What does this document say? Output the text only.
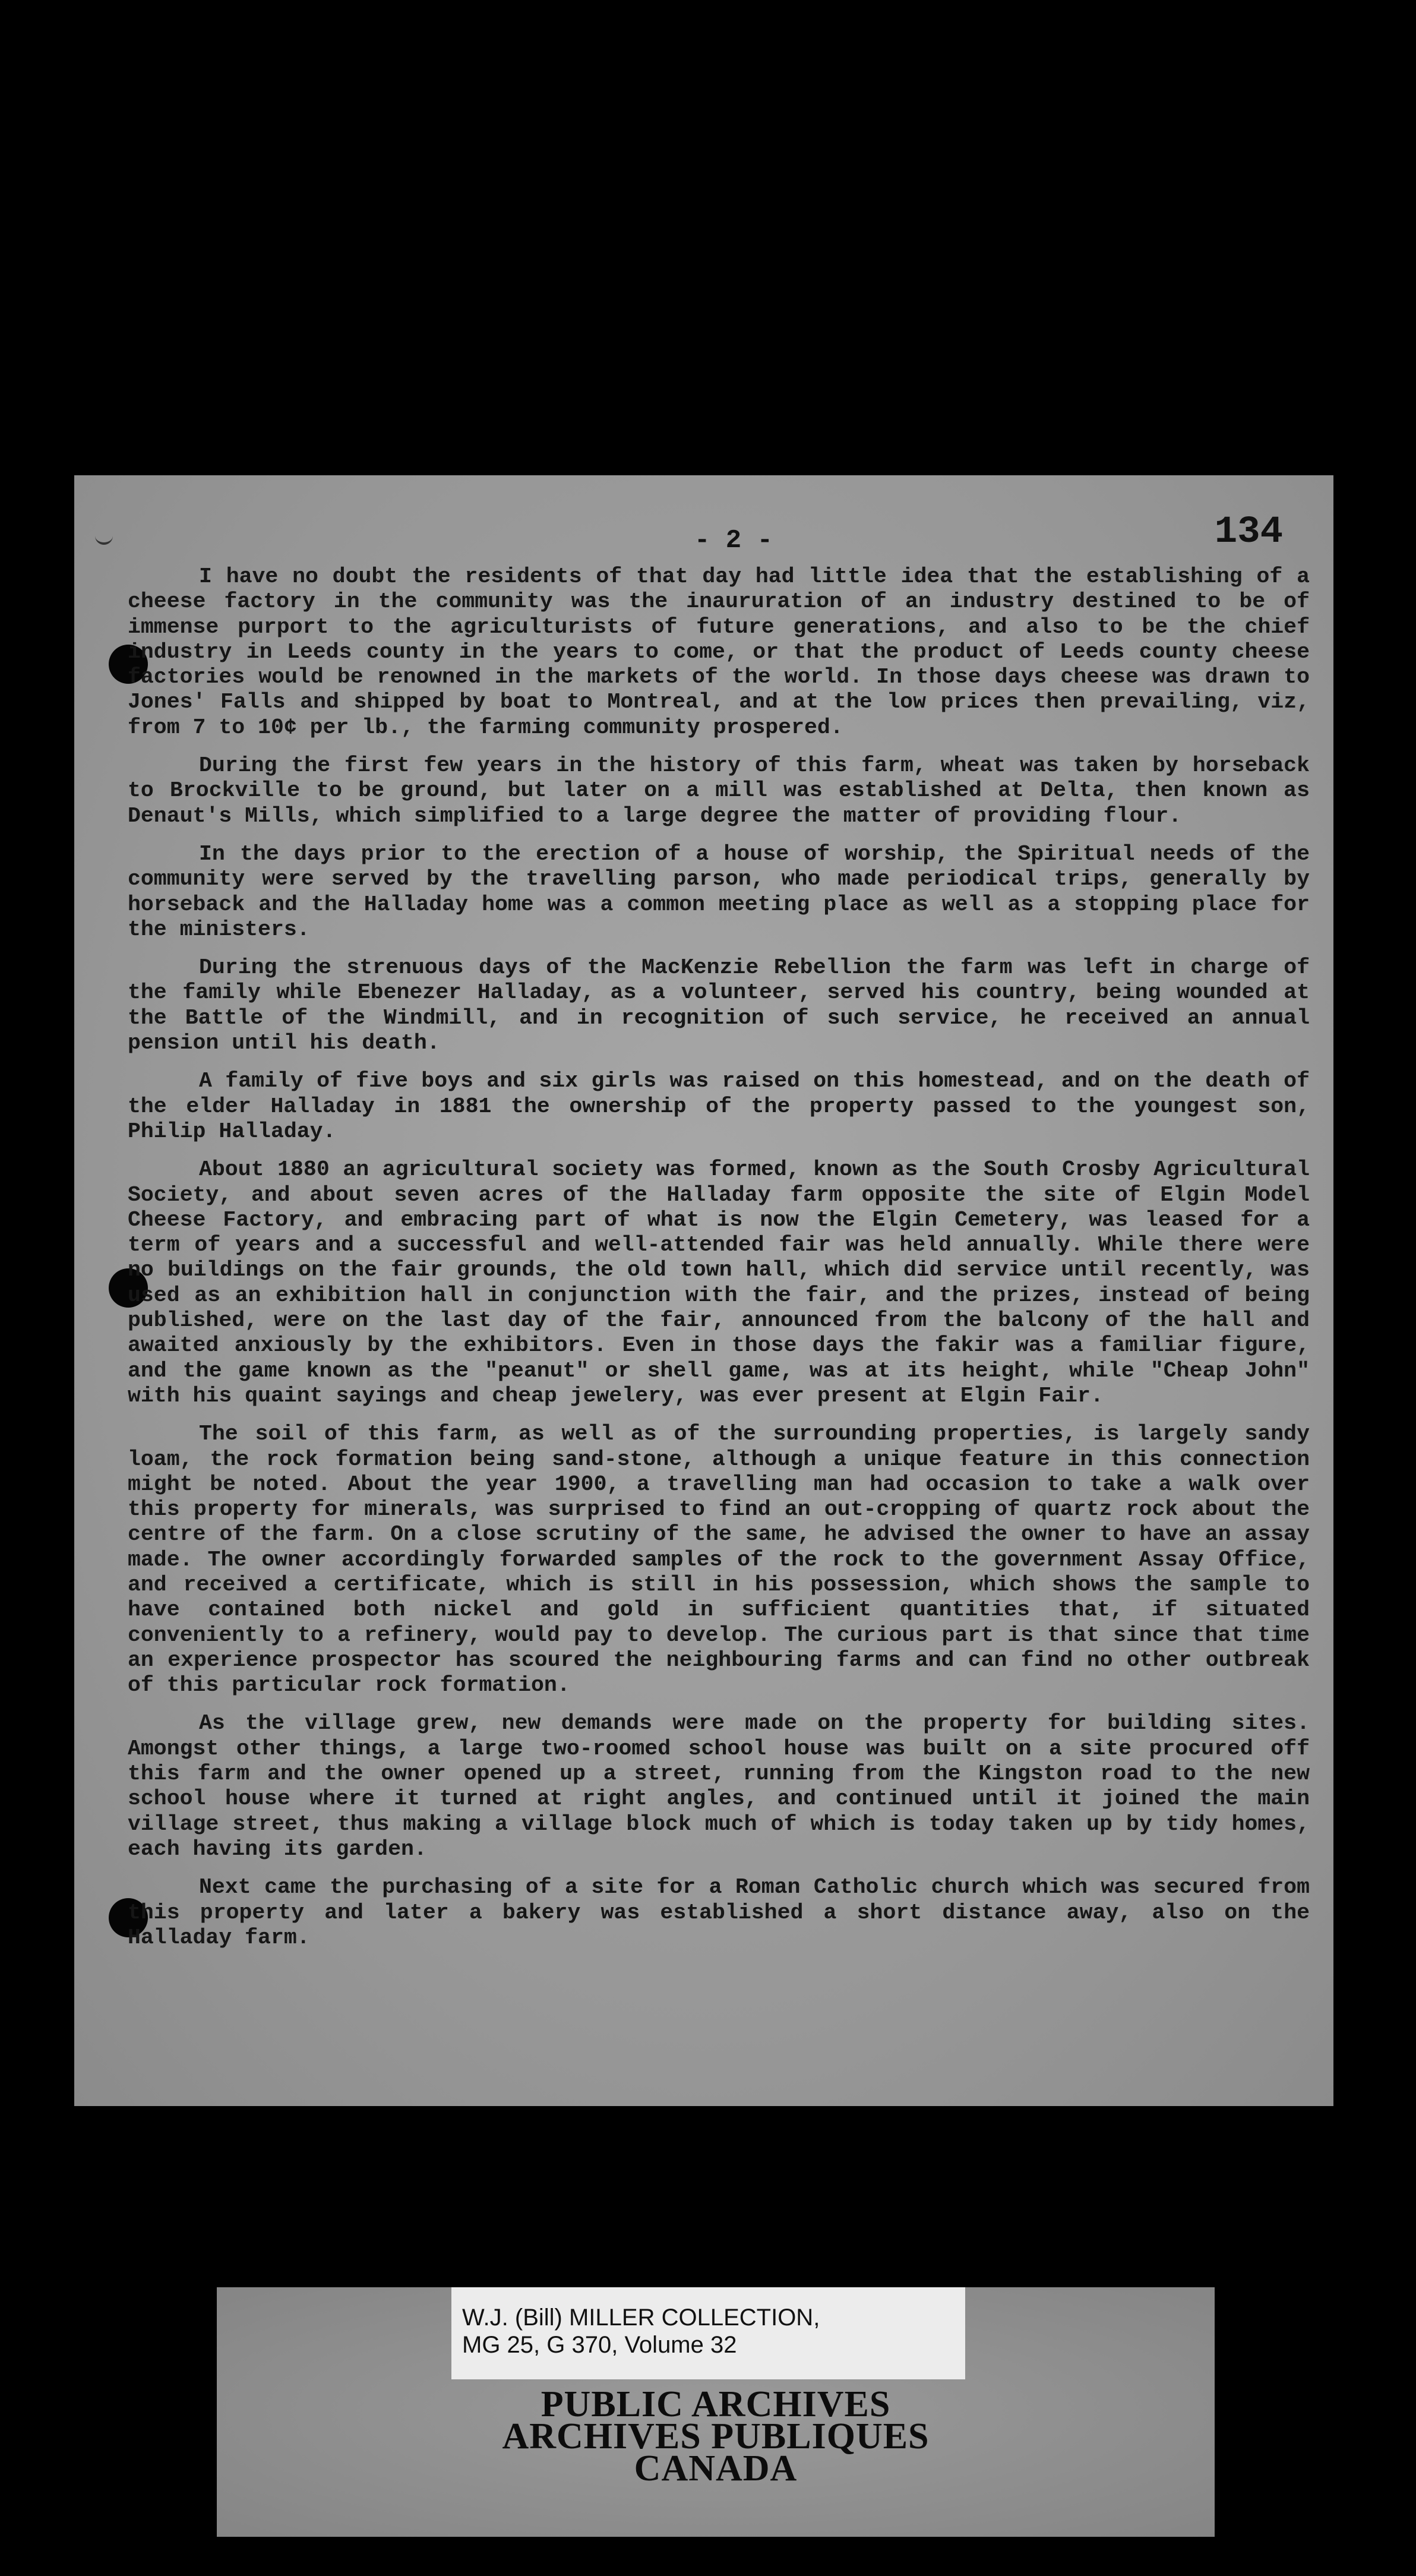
- 2 -	134

I have no doubt the residents of that day had little idea that the establishing of a cheese factory in the community was the inaururation of an industry destined to be of immense purport to the agriculturists of future generations, and also to be the chief industry in Leeds county in the years to come, or that the product of Leeds county cheese factories would be renowned in the markets of the world. In those days cheese was drawn to Jones' Falls and shipped by boat to Montreal, and at the low prices then prevailing, viz, from 7 to 10¢ per lb., the farming community prospered.

During the first few years in the history of this farm, wheat was taken by horseback to Brockville to be ground, but later on a mill was established at Delta, then known as Denaut's Mills, which simplified to a large degree the matter of providing flour.

In the days prior to the erection of a house of worship, the Spiritual needs of the community were served by the travelling parson, who made periodical trips, generally by horseback and the Halladay home was a common meeting place as well as a stopping place for the ministers.

During the strenuous days of the MacKenzie Rebellion the farm was left in charge of the family while Ebenezer Halladay, as a volunteer, served his country, being wounded at the Battle of the Windmill, and in recognition of such service, he received an annual pension until his death.

A family of five boys and six girls was raised on this homestead, and on the death of the elder Halladay in 1881 the ownership of the property passed to the youngest son, Philip Halladay.

About 1880 an agricultural society was formed, known as the South Crosby Agricultural Society, and about seven acres of the Halladay farm opposite the site of Elgin Model Cheese Factory, and embracing part of what is now the Elgin Cemetery, was leased for a term of years and a successful and well-attended fair was held annually. While there were no buildings on the fair grounds, the old town hall, which did service until recently, was used as an exhibition hall in conjunction with the fair, and the prizes, instead of being published, were on the last day of the fair, announced from the balcony of the hall and awaited anxiously by the exhibitors. Even in those days the fakir was a familiar figure, and the game known as the "peanut" or shell game, was at its height, while "Cheap John" with his quaint sayings and cheap jewelery, was ever present at Elgin Fair.

The soil of this farm, as well as of the surrounding properties, is largely sandy loam, the rock formation being sand-stone, although a unique feature in this connection might be noted. About the year 1900, a travelling man had occasion to take a walk over this property for minerals, was surprised to find an out-cropping of quartz rock about the centre of the farm. On a close scrutiny of the same, he advised the owner to have an assay made. The owner accordingly forwarded samples of the rock to the government Assay Office, and received a certificate, which is still in his possession, which shows the sample to have contained both nickel and gold in sufficient quantities that, if situated conveniently to a refinery, would pay to develop. The curious part is that since that time an experience prospector has scoured the neighbouring farms and can find no other outbreak of this particular rock formation.

As the village grew, new demands were made on the property for building sites. Amongst other things, a large two-roomed school house was built on a site procured off this farm and the owner opened up a street, running from the Kingston road to the new school house where it turned at right angles, and continued until it joined the main village street, thus making a village block much of which is today taken up by tidy homes, each having its garden.

Next came the purchasing of a site for a Roman Catholic church which was secured from this property and later a bakery was established a short distance away, also on the Halladay farm.

W.J. (Bill) MILLER COLLECTION,
MG 25, G 370, Volume 32
PUBLIC ARCHIVES
ARCHIVES PUBLIQUES
CANADA
